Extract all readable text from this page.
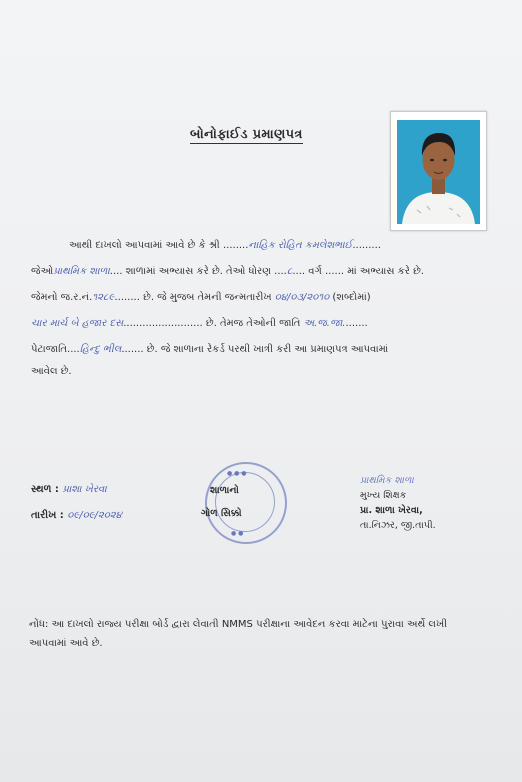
બોનોફાઈડ પ્રમાણપત્ર
આથી દાખલો આપવામાં આવે છે કે શ્રી ........નાહિક રોહિત કમલેશભાઈ.........
જેઓપ્રાથમિક શાળા.... શાળામાં અભ્યાસ કરે છે. તેઓ ધોરણ ....૮.... વર્ગ ...... માં અભ્યાસ કરે છે.
જેમનો જ.ર.નં.૧૨૮૯........ છે. જે મુજબ તેમની જન્મતારીખ ૦૪/૦૩/૨૦૧૦ (શબ્દોમાં)
ચાર માર્ચ બે હજાર દસ......................... છે. તેમજ તેઓની જાતિ અ.જ.જા........
પેટાજાતિ....હિન્દુ ભીલ....... છે. જે શાળાના રેકર્ડ પરથી ખાત્રી કરી આ પ્રમાણપત્ર આપવામાં
આવેલ છે.
સ્થળ : પ્રાશા ખેરવા
તારીખ : ૦૯/૦૯/૨૦૨૪
● ● ●
● ●
શાળાનો
ગોળ સિક્કો
પ્રાથમિક શાળા
મુખ્ય શિક્ષક
પ્રા. શાળા ખેરવા,
તા.નિઝર, જી.તાપી.
નોંધ: આ દાખલો રાજ્ય પરીક્ષા બોર્ડ દ્વારા લેવાતી NMMS પરીક્ષાના આવેદન કરવા માટેના પુરાવા અર્થે લખી
આપવામાં આવે છે.
